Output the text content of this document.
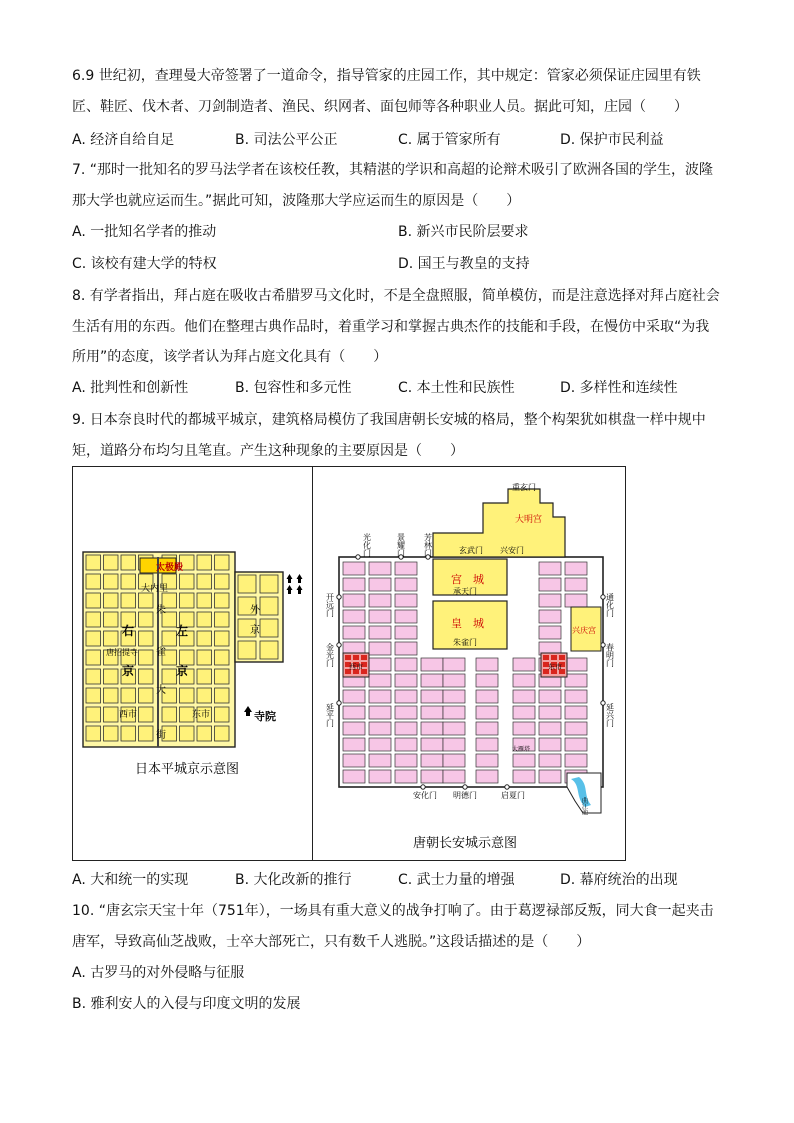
6.9 世纪初，查理曼大帝签署了一道命令，指导管家的庄园工作，其中规定：管家必须保证庄园里有铁
匠、鞋匠、伐木者、刀剑制造者、渔民、织网者、面包师等各种职业人员。据此可知，庄园（　　）
A. 经济自给自足	B. 司法公平公正	C. 属于管家所有	D. 保护市民利益
7. “那时一批知名的罗马法学者在该校任教，其精湛的学识和高超的论辩术吸引了欧洲各国的学生，波隆
那大学也就应运而生。”据此可知，波隆那大学应运而生的原因是（　　）
A. 一批知名学者的推动	B. 新兴市民阶层要求
C. 该校有建大学的特权	D. 国王与教皇的支持
8. 有学者指出，拜占庭在吸收古希腊罗马文化时，不是全盘照服，简单模仿，而是注意选择对拜占庭社会
生活有用的东西。他们在整理古典作品时，着重学习和掌握古典杰作的技能和手段，在慢仿中采取“为我
所用”的态度，该学者认为拜占庭文化具有（　　）
A. 批判性和创新性	B. 包容性和多元性	C. 本土性和民族性	D. 多样性和连续性
9. 日本奈良时代的都城平城京，建筑格局模仿了我国唐朝长安城的格局，整个构架犹如棋盘一样中规中
矩，道路分布均匀且笔直。产生这种现象的主要原因是（　　）
太极殿
大内里
朱
右	左
雀
唐招提寺
京	京
大
西市	东市
街
外
京
寺院
日本平城京示意图
重玄门
大明宫
玄武门 兴安门
光化门	景耀门 芳林门
开远门
金光门
延平门
通化门
春明门
延兴门
宫　城
承天门
皇　城
朱雀门
兴庆宫
西市	东市
大雁塔
曲江池
安化门 明德门	启夏门
唐朝长安城示意图
A. 大和统一的实现	B. 大化改新的推行	C. 武士力量的增强	D. 幕府统治的出现
10. “唐玄宗天宝十年（751年），一场具有重大意义的战争打响了。由于葛逻禄部反叛，同大食一起夹击
唐军，导致高仙芝战败，士卒大部死亡，只有数千人逃脱。”这段话描述的是（　　）
A. 古罗马的对外侵略与征服
B. 雅利安人的入侵与印度文明的发展
